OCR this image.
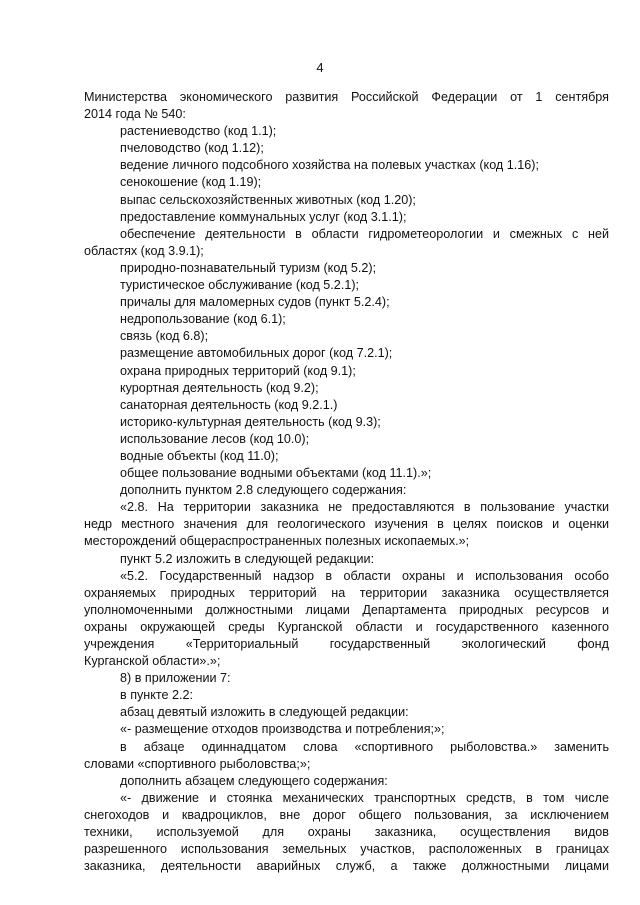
4

Министерства экономического развития Российской Федерации от 1 сентября

2014 года № 540:

растениеводство (код 1.1);

пчеловодство (код 1.12);

ведение личного подсобного хозяйства на полевых участках (код 1.16);

сенокошение (код 1.19);

выпас сельскохозяйственных животных (код 1.20);

предоставление коммунальных услуг (код 3.1.1);

обеспечение деятельности в области гидрометеорологии и смежных с ней

областях (код 3.9.1);

природно-познавательный туризм (код 5.2);

туристическое обслуживание (код 5.2.1);

причалы для маломерных судов (пункт 5.2.4);

недропользование (код 6.1);

связь (код 6.8);

размещение автомобильных дорог (код 7.2.1);

охрана природных территорий (код 9.1);

курортная деятельность (код 9.2);

санаторная деятельность (код 9.2.1.)

историко-культурная деятельность (код 9.3);

использование лесов (код 10.0);

водные объекты (код 11.0);

общее пользование водными объектами (код 11.1).»;

дополнить пунктом 2.8 следующего содержания:

«2.8. На территории заказника не предоставляются в пользование участки

недр местного значения для геологического изучения в целях поисков и оценки

месторождений общераспространенных полезных ископаемых.»;

пункт 5.2 изложить в следующей редакции:

«5.2. Государственный надзор в области охраны и использования особо

охраняемых природных территорий на территории заказника осуществляется

уполномоченными должностными лицами Департамента природных ресурсов и

охраны окружающей среды Курганской области и государственного казенного

учреждения «Территориальный государственный экологический фонд

Курганской области».»;

8) в приложении 7:

в пункте 2.2:

абзац девятый изложить в следующей редакции:

«- размещение отходов производства и потребления;»;

в абзаце одиннадцатом слова «спортивного рыболовства.» заменить

словами «спортивного рыболовства;»;

дополнить абзацем следующего содержания:

«- движение и стоянка механических транспортных средств, в том числе

снегоходов и квадроциклов, вне дорог общего пользования, за исключением

техники, используемой для охраны заказника, осуществления видов

разрешенного использования земельных участков, расположенных в границах

заказника, деятельности аварийных служб, а также должностными лицами
